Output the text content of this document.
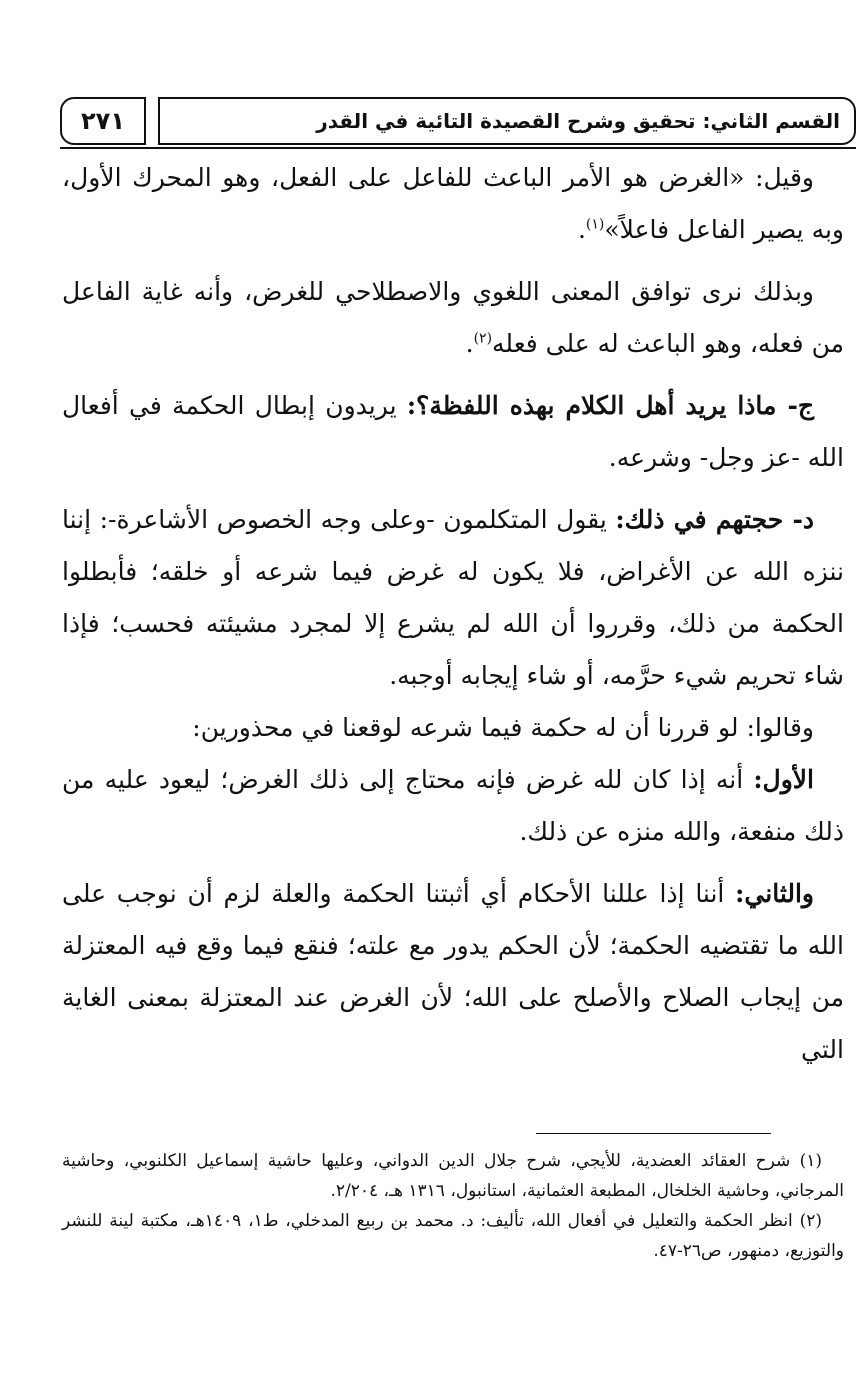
القسم الثاني: تحقيق وشرح القصيدة التائية في القدر
٢٧١

وقيل: «الغرض هو الأمر الباعث للفاعل على الفعل، وهو المحرك الأول، وبه يصير الفاعل فاعلاً»$^{(١)}$.

وبذلك نرى توافق المعنى اللغوي والاصطلاحي للغرض، وأنه غاية الفاعل من فعله، وهو الباعث له على فعله$^{(٢)}$.

ج- ماذا يريد أهل الكلام بهذه اللفظة؟: يريدون إبطال الحكمة في أفعال الله -عز وجل- وشرعه.

د- حجتهم في ذلك: يقول المتكلمون -وعلى وجه الخصوص الأشاعرة-: إننا ننزه الله عن الأغراض، فلا يكون له غرض فيما شرعه أو خلقه؛ فأبطلوا الحكمة من ذلك، وقرروا أن الله لم يشرع إلا لمجرد مشيئته فحسب؛ فإذا شاء تحريم شيء حرَّمه، أو شاء إيجابه أوجبه.

وقالوا: لو قررنا أن له حكمة فيما شرعه لوقعنا في محذورين:

الأول: أنه إذا كان لله غرض فإنه محتاج إلى ذلك الغرض؛ ليعود عليه من ذلك منفعة، والله منزه عن ذلك.

والثاني: أننا إذا عللنا الأحكام أي أثبتنا الحكمة والعلة لزم أن نوجب على الله ما تقتضيه الحكمة؛ لأن الحكم يدور مع علته؛ فنقع فيما وقع فيه المعتزلة من إيجاب الصلاح والأصلح على الله؛ لأن الغرض عند المعتزلة بمعنى الغاية التي

(١) شرح العقائد العضدية، للأيجي، شرح جلال الدين الدواني، وعليها حاشية إسماعيل الكلنوبي، وحاشية المرجاني، وحاشية الخلخال، المطبعة العثمانية، استانبول، ١٣١٦ هـ، ٢/٢٠٤.

(٢) انظر الحكمة والتعليل في أفعال الله، تأليف: د. محمد بن ربيع المدخلي، ط١، ١٤٠٩هـ، مكتبة لينة للنشر والتوزيع، دمنهور، ص٢٦-٤٧.
